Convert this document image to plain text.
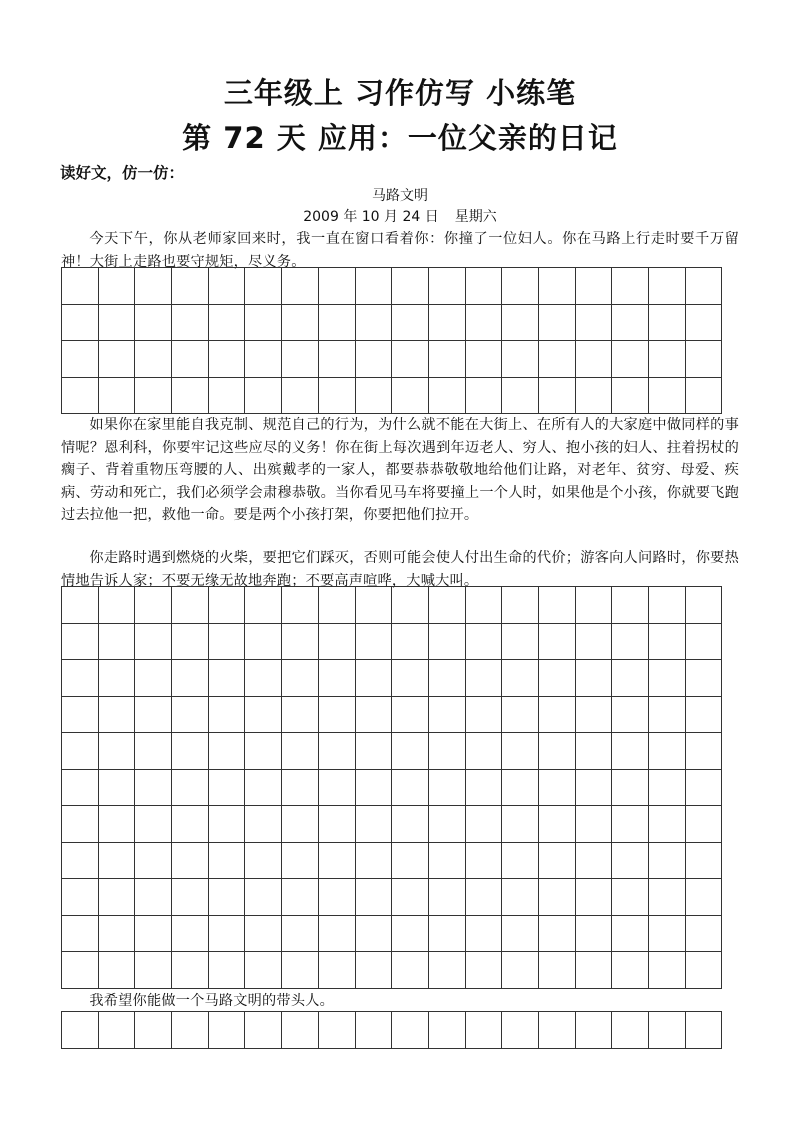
三年级上 习作仿写 小练笔
第 72 天 应用：一位父亲的日记

读好文，仿一仿：

马路文明

2009 年 10 月 24 日 星期六

今天下午，你从老师家回来时，我一直在窗口看着你：你撞了一位妇人。你在马路上行走时要千万留神！大街上走路也要守规矩，尽义务。

如果你在家里能自我克制、规范自己的行为，为什么就不能在大街上、在所有人的大家庭中做同样的事情呢？恩利科，你要牢记这些应尽的义务！你在街上每次遇到年迈老人、穷人、抱小孩的妇人、拄着拐杖的瘸子、背着重物压弯腰的人、出殡戴孝的一家人，都要恭恭敬敬地给他们让路，对老年、贫穷、母爱、疾病、劳动和死亡，我们必须学会肃穆恭敬。当你看见马车将要撞上一个人时，如果他是个小孩，你就要飞跑过去拉他一把，救他一命。要是两个小孩打架，你要把他们拉开。

你走路时遇到燃烧的火柴，要把它们踩灭，否则可能会使人付出生命的代价；游客向人问路时，你要热情地告诉人家；不要无缘无故地奔跑；不要高声喧哗，大喊大叫。

我希望你能做一个马路文明的带头人。
